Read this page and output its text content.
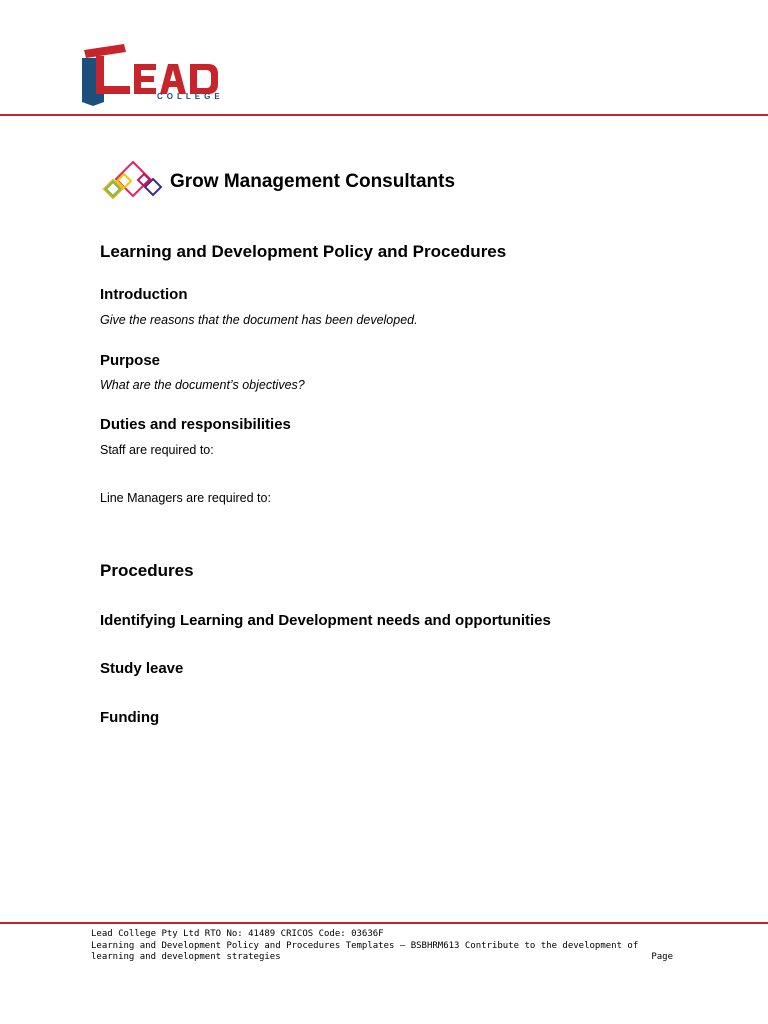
COLLEGE
Grow Management Consultants
Learning and Development Policy and Procedures
Introduction
Give the reasons that the document has been developed.
Purpose
What are the document’s objectives?
Duties and responsibilities
Staff are required to:
Line Managers are required to:
Procedures
Identifying Learning and Development needs and opportunities
Study leave
Funding
Lead College Pty Ltd RTO No: 41489 CRICOS Code: 03636F
Learning and Development Policy and Procedures Templates – BSBHRM613 Contribute to the development of
learning and development strategies	Page
